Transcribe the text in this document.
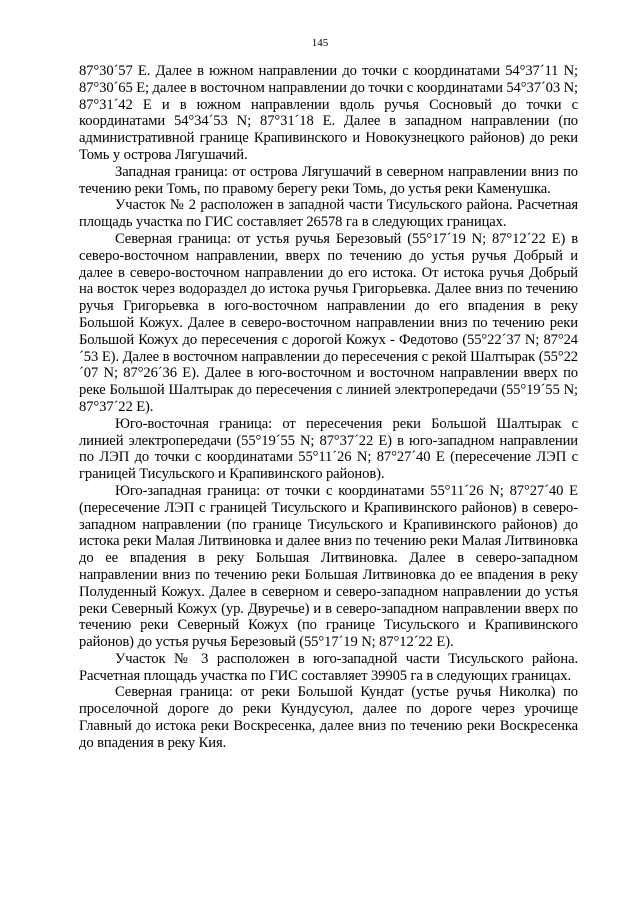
145

87°30´57 E. Далее в южном направлении до точки с координатами 54°37´11 N; 87°30´65 E; далее в восточном направлении до точки с координатами 54°37´03 N; 87°31´42 E и в южном направлении вдоль ручья Сосновый до точки с координатами 54°34´53 N; 87°31´18 E. Далее в западном направлении (по административной границе Крапивинского и Новокузнецкого районов) до реки Томь у острова Лягушачий.

Западная граница: от острова Лягушачий в северном направлении вниз по течению реки Томь, по правому берегу реки Томь, до устья реки Каменушка.

Участок № 2 расположен в западной части Тисульского района. Расчетная площадь участка по ГИС составляет 26578 га в следующих границах.

Северная граница: от устья ручья Березовый (55°17´19 N; 87°12´22 E) в северо-восточном направлении, вверх по течению до устья ручья Добрый и далее в северо-восточном направлении до его истока. От истока ручья Добрый на восток через водораздел до истока ручья Григорьевка. Далее вниз по течению ручья Григорьевка в юго-восточном направлении до его впадения в реку Большой Кожух. Далее в северо-восточном направлении вниз по течению реки Большой Кожух до пересечения с дорогой Кожух - Федотово (55°22´37 N; 87°24´53 E). Далее в восточном направлении до пересечения с рекой Шалтырак (55°22´07 N; 87°26´36 E). Далее в юго-восточном и восточном направлении вверх по реке Большой Шалтырак до пересечения с линией электропередачи (55°19´55 N; 87°37´22 E).

Юго-восточная граница: от пересечения реки Большой Шалтырак с линией электропередачи (55°19´55 N; 87°37´22 E) в юго-западном направлении по ЛЭП до точки с координатами 55°11´26 N; 87°27´40 E (пересечение ЛЭП с границей Тисульского и Крапивинского районов).

Юго-западная граница: от точки с координатами 55°11´26 N; 87°27´40 E (пересечение ЛЭП с границей Тисульского и Крапивинского районов) в северо-западном направлении (по границе Тисульского и Крапивинского районов) до истока реки Малая Литвиновка и далее вниз по течению реки Малая Литвиновка до ее впадения в реку Большая Литвиновка. Далее в северо-западном направлении вниз по течению реки Большая Литвиновка до ее впадения в реку Полуденный Кожух. Далее в северном и северо-западном направлении до устья реки Северный Кожух (ур. Двуречье) и в северо-западном направлении вверх по течению реки Северный Кожух (по границе Тисульского и Крапивинского районов) до устья ручья Березовый (55°17´19 N; 87°12´22 E).

Участок № 3 расположен в юго-западной части Тисульского района. Расчетная площадь участка по ГИС составляет 39905 га в следующих границах.

Северная граница: от реки Большой Кундат (устье ручья Николка) по проселочной дороге до реки Кундусуюл, далее по дороге через урочище Главный до истока реки Воскресенка, далее вниз по течению реки Воскресенка до впадения в реку Кия.
